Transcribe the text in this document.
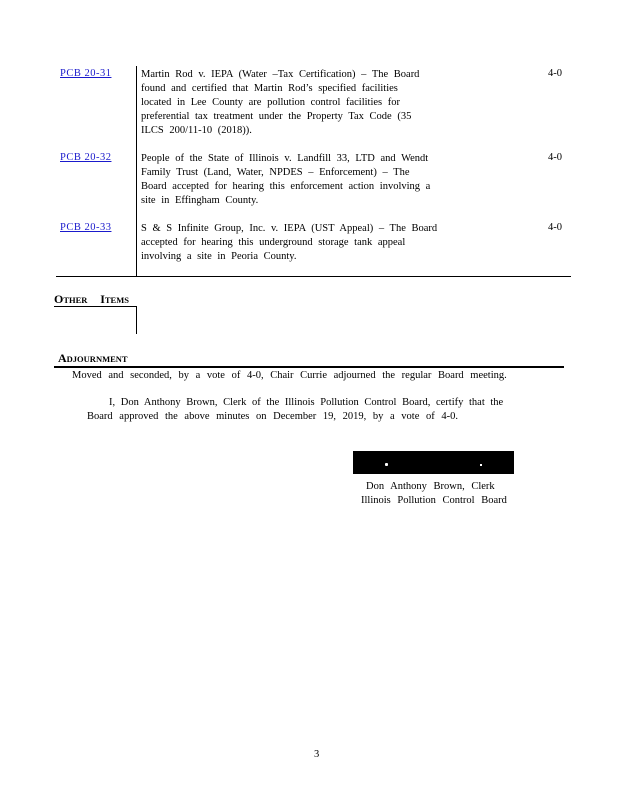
PCB 20-31	Martin Rod v. IEPA (Water –Tax Certification) – The Board
found and certified that Martin Rod’s specified facilities
located in Lee County are pollution control facilities for
preferential tax treatment under the Property Tax Code (35
ILCS 200/11-10 (2018)).
4-0
PCB 20-32	People of the State of Illinois v. Landfill 33, LTD and Wendt
Family Trust (Land, Water, NPDES – Enforcement) – The
Board accepted for hearing this enforcement action involving a
site in Effingham County.
4-0
PCB 20-33	S & S Infinite Group, Inc. v. IEPA (UST Appeal) – The Board
accepted for hearing this underground storage tank appeal
involving a site in Peoria County.
4-0
OTHER ITEMS
ADJOURNMENT
Moved and seconded, by a vote of 4-0, Chair Currie adjourned the regular Board meeting.
I, Don Anthony Brown, Clerk of the Illinois Pollution Control Board, certify that the
Board approved the above minutes on December 19, 2019, by a vote of 4-0.
Don Anthony Brown, Clerk
Illinois Pollution Control Board
3
